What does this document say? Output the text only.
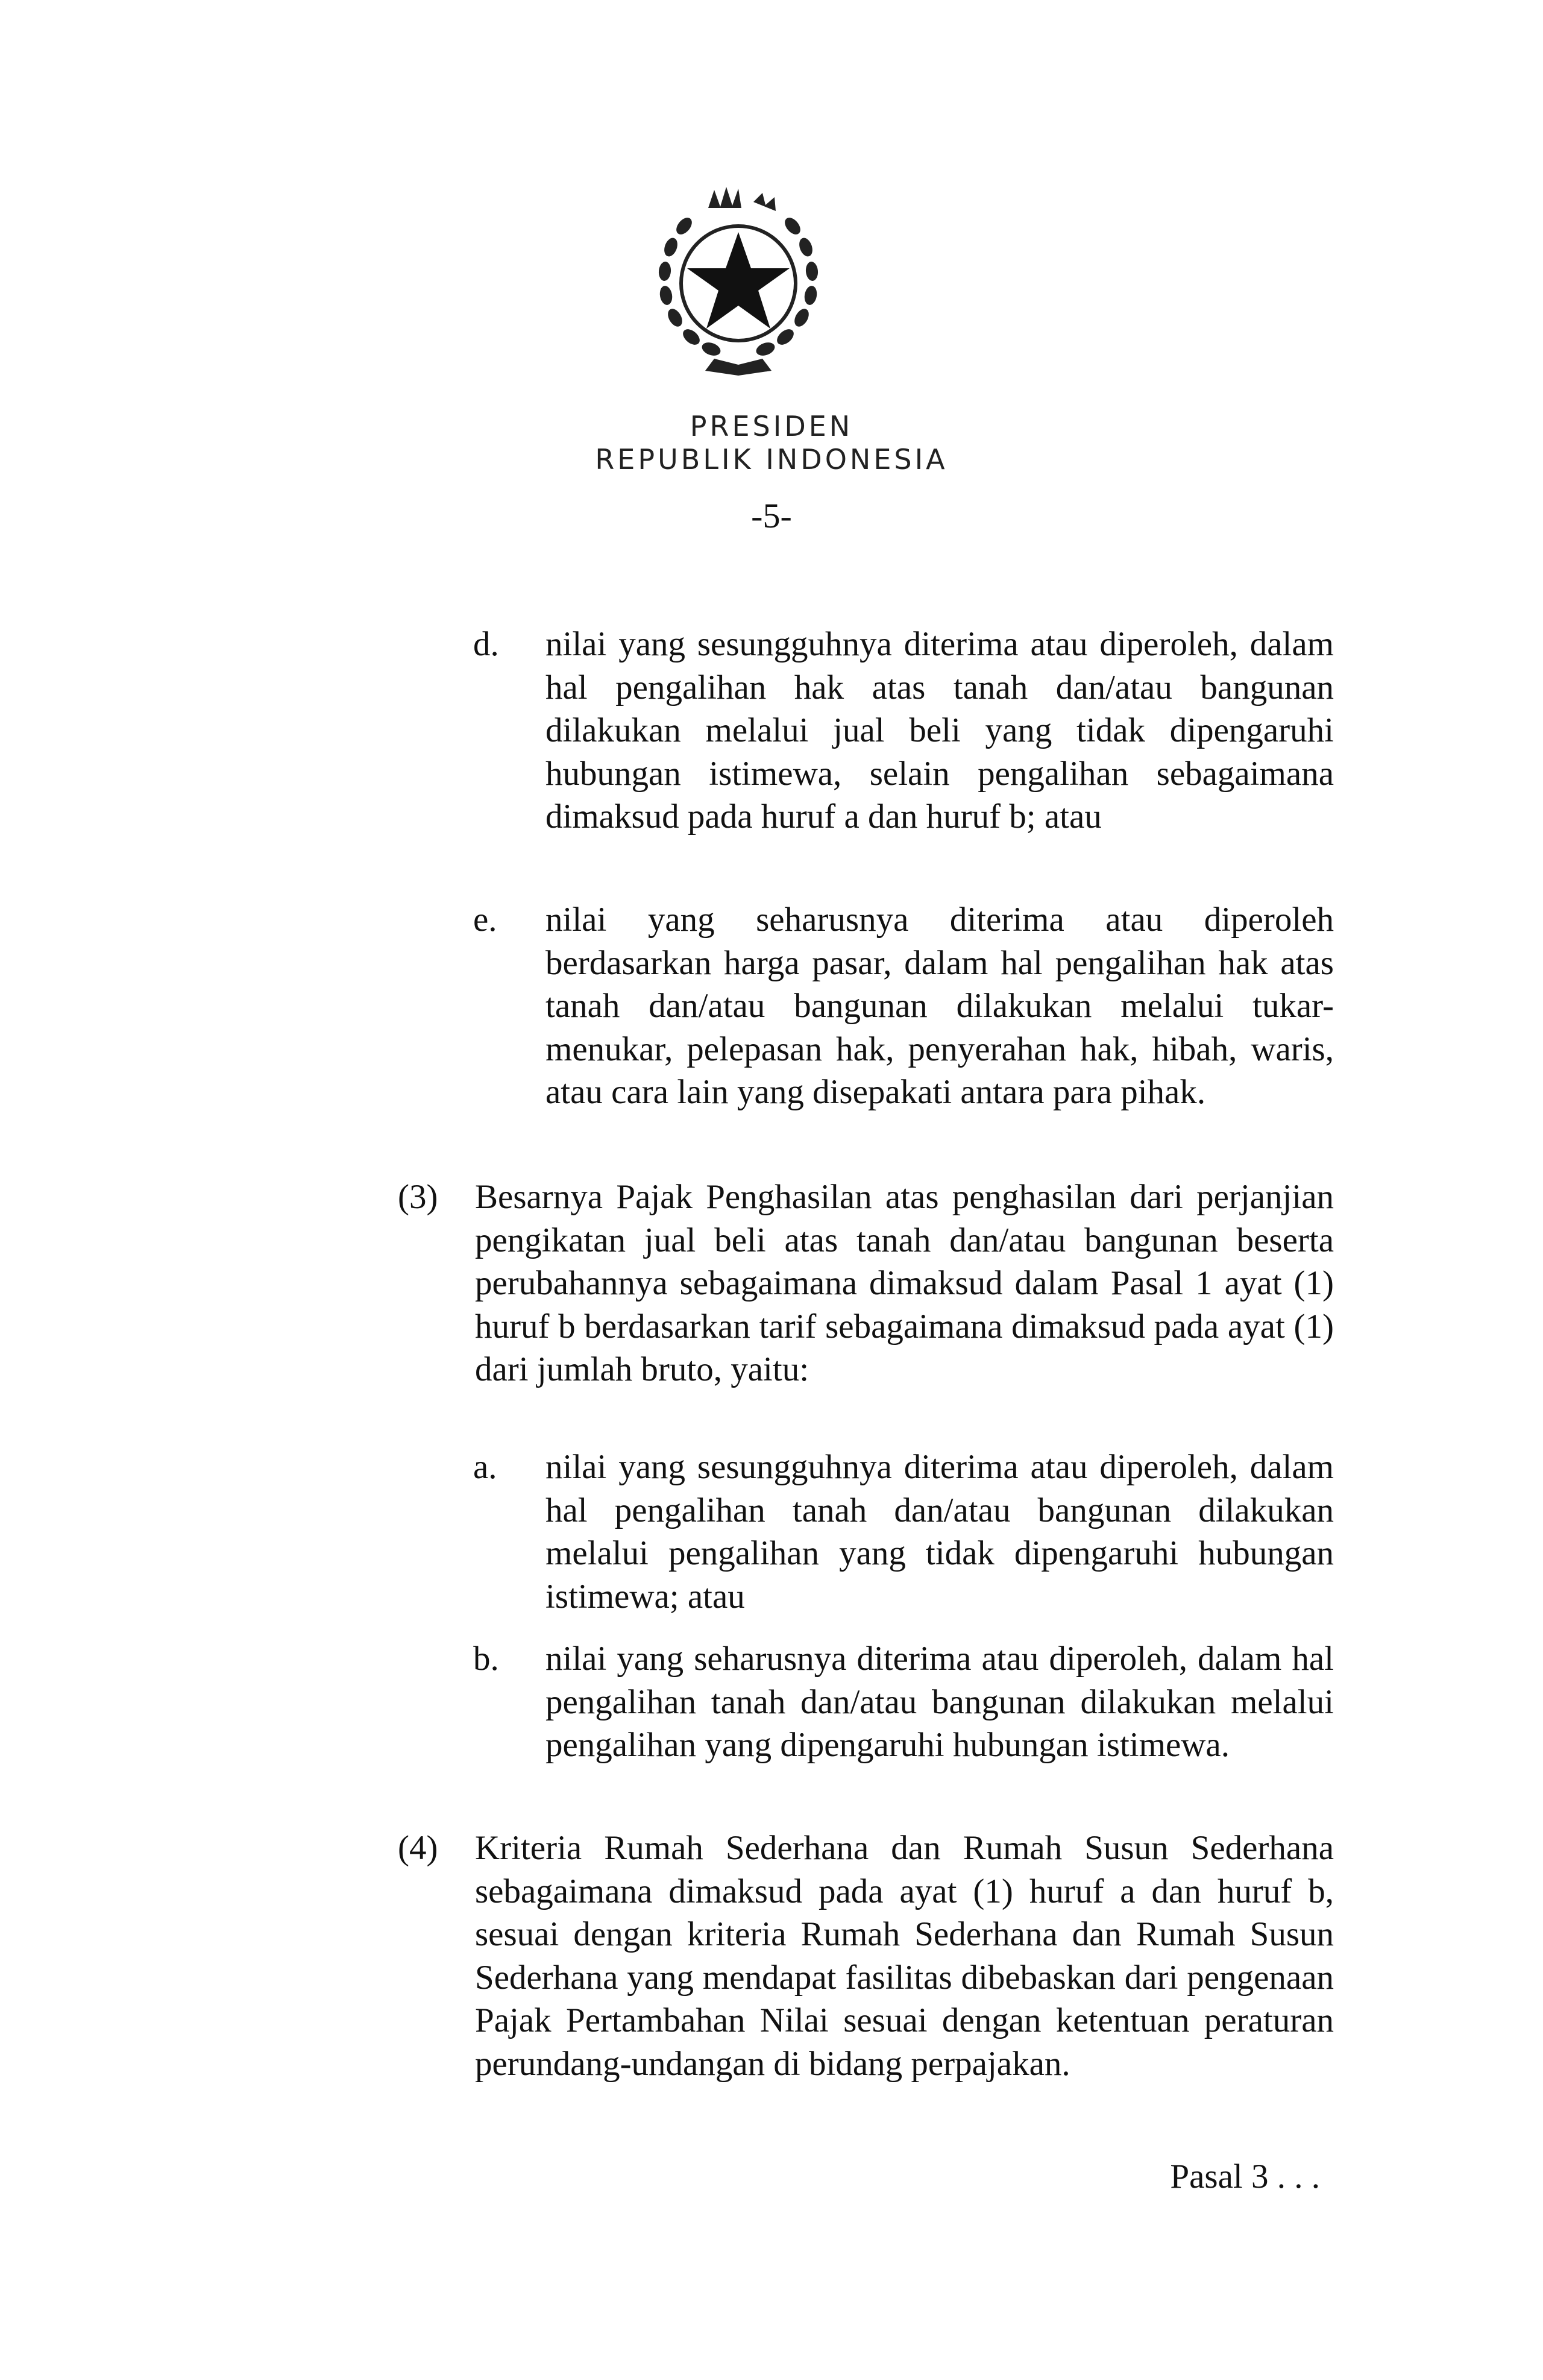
PRESIDEN
REPUBLIK INDONESIA
-5-
d. nilai yang sesungguhnya diterima atau diperoleh, dalam hal pengalihan hak atas tanah dan/atau bangunan dilakukan melalui jual beli yang tidak dipengaruhi hubungan istimewa, selain pengalihan sebagaimana dimaksud pada huruf a dan huruf b; atau
e. nilai yang seharusnya diterima atau diperoleh berdasarkan harga pasar, dalam hal pengalihan hak atas tanah dan/atau bangunan dilakukan melalui tukar-menukar, pelepasan hak, penyerahan hak, hibah, waris, atau cara lain yang disepakati antara para pihak.
(3) Besarnya Pajak Penghasilan atas penghasilan dari perjanjian pengikatan jual beli atas tanah dan/atau bangunan beserta perubahannya sebagaimana dimaksud dalam Pasal 1 ayat (1) huruf b berdasarkan tarif sebagaimana dimaksud pada ayat (1) dari jumlah bruto, yaitu:
a. nilai yang sesungguhnya diterima atau diperoleh, dalam hal pengalihan tanah dan/atau bangunan dilakukan melalui pengalihan yang tidak dipengaruhi hubungan istimewa; atau
b. nilai yang seharusnya diterima atau diperoleh, dalam hal pengalihan tanah dan/atau bangunan dilakukan melalui pengalihan yang dipengaruhi hubungan istimewa.
(4) Kriteria Rumah Sederhana dan Rumah Susun Sederhana sebagaimana dimaksud pada ayat (1) huruf a dan huruf b, sesuai dengan kriteria Rumah Sederhana dan Rumah Susun Sederhana yang mendapat fasilitas dibebaskan dari pengenaan Pajak Pertambahan Nilai sesuai dengan ketentuan peraturan perundang-undangan di bidang perpajakan.
Pasal 3 . . .
